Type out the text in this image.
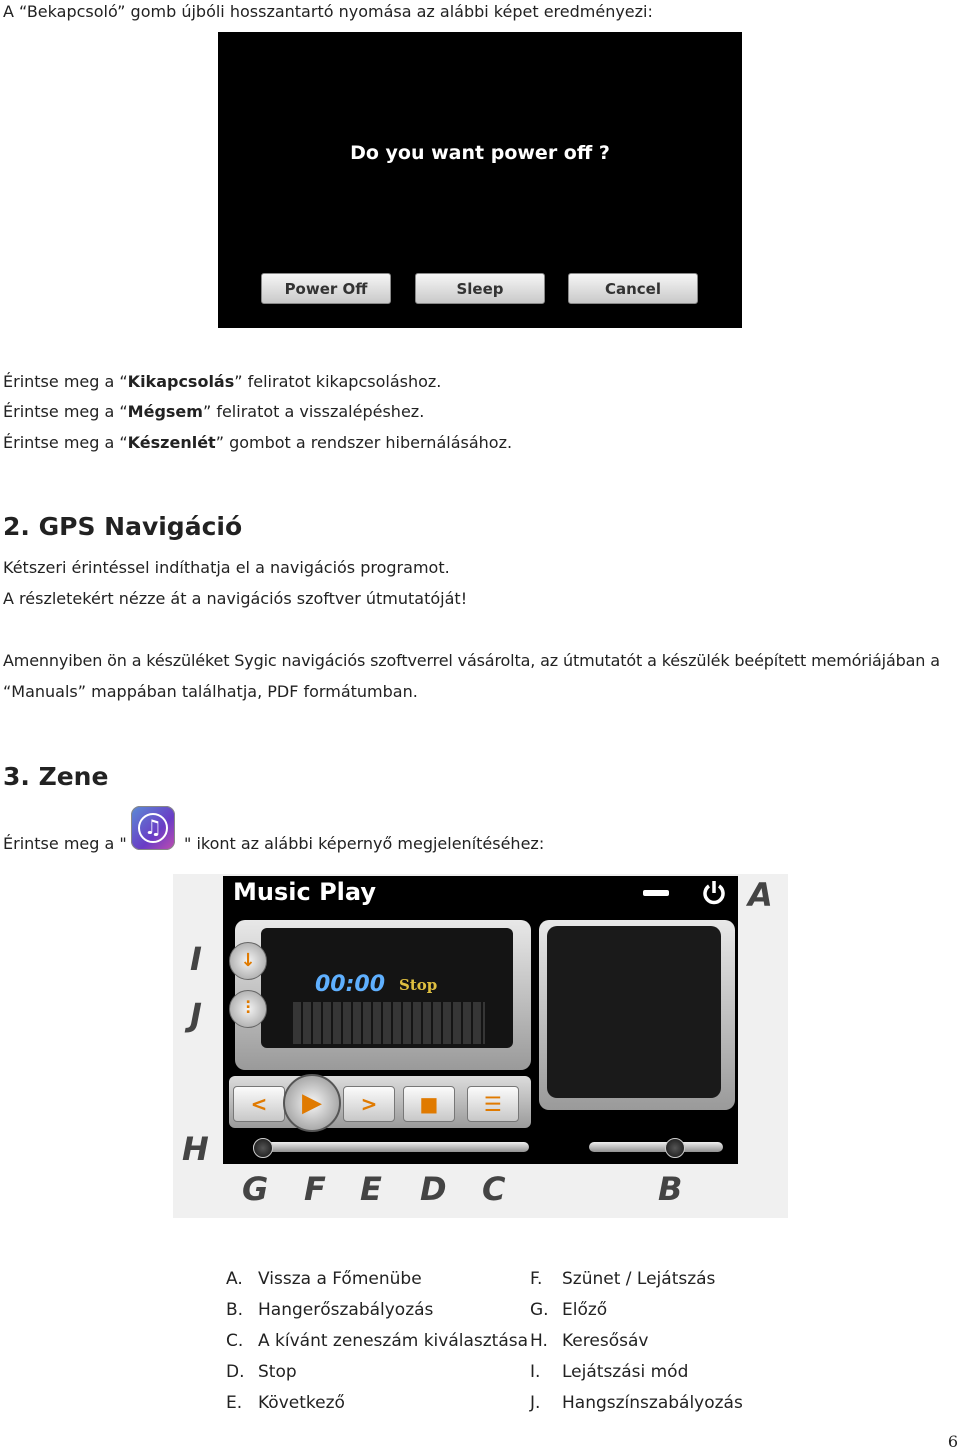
A “Bekapcsoló” gomb újbóli hosszantartó nyomása az alábbi képet eredményezi:
Do you want power off ?
Power Off	Sleep	Cancel
Érintse meg a “Kikapcsolás” feliratot kikapcsoláshoz.
Érintse meg a “Mégsem” feliratot a visszalépéshez.
Érintse meg a “Készenlét” gombot a rendszer hibernálásához.
2. GPS Navigáció
Kétszeri érintéssel indíthatja el a navigációs programot.
A részletekért nézze át a navigációs szoftver útmutatóját!
Amennyiben ön a készüléket Sygic navigációs szoftverrel vásárolta, az útmutatót a készülék beépített memóriájában a
“Manuals” mappában találhatja, PDF formátumban.
3. Zene
Érintse meg a "
♫
" ikont az alábbi képernyő megjelenítéséhez:
Music Play
00:00 Stop
↓
⫶
<	▶	>	■	☰
A
I
J
H
G F E D C	B
A. Vissza a Főmenübe
B. Hangerőszabályozás
C. A kívánt zeneszám kiválasztása
D. Stop
E. Következő
F. Szünet / Lejátszás
G. Előző
H. Keresősáv
I. Lejátszási mód
J. Hangszínszabályozás
6
